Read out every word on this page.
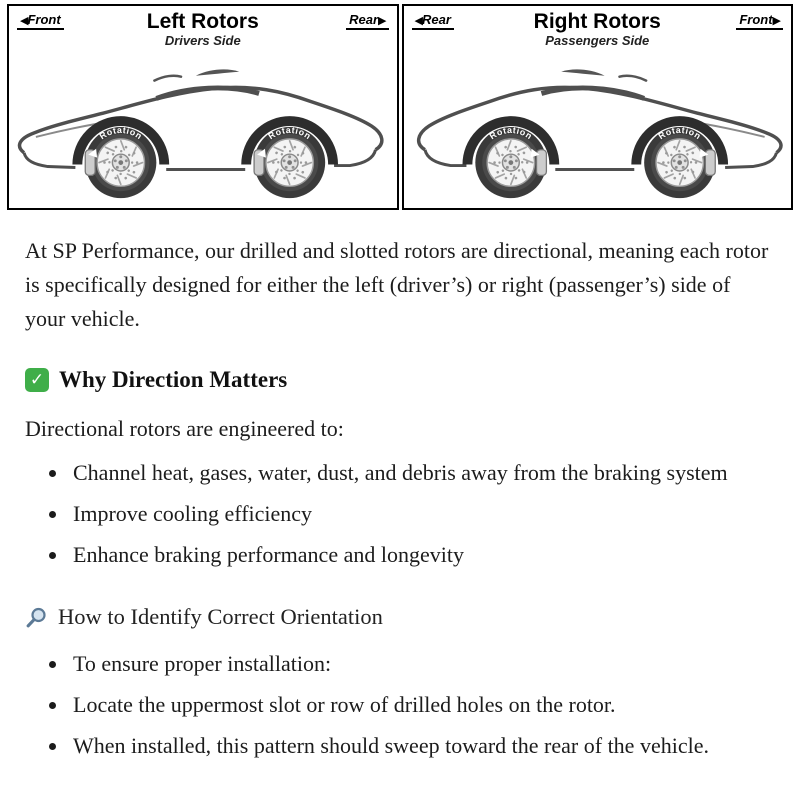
◀Front	Left Rotors
Drivers Side
Rear▶
Rotation	Rotation
◀Rear	Right Rotors
Passengers Side
Front▶
Rotation	Rotation

At SP Performance, our drilled and slotted rotors are directional, meaning each rotor is specifically designed for either the left (driver’s) or right (passenger’s) side of your vehicle.

✓ Why Direction Matters

Directional rotors are engineered to:

• Channel heat, gases, water, dust, and debris away from the braking system
• Improve cooling efficiency
• Enhance braking performance and longevity

How to Identify Correct Orientation

• To ensure proper installation:
• Locate the uppermost slot or row of drilled holes on the rotor.
• When installed, this pattern should sweep toward the rear of the vehicle.
